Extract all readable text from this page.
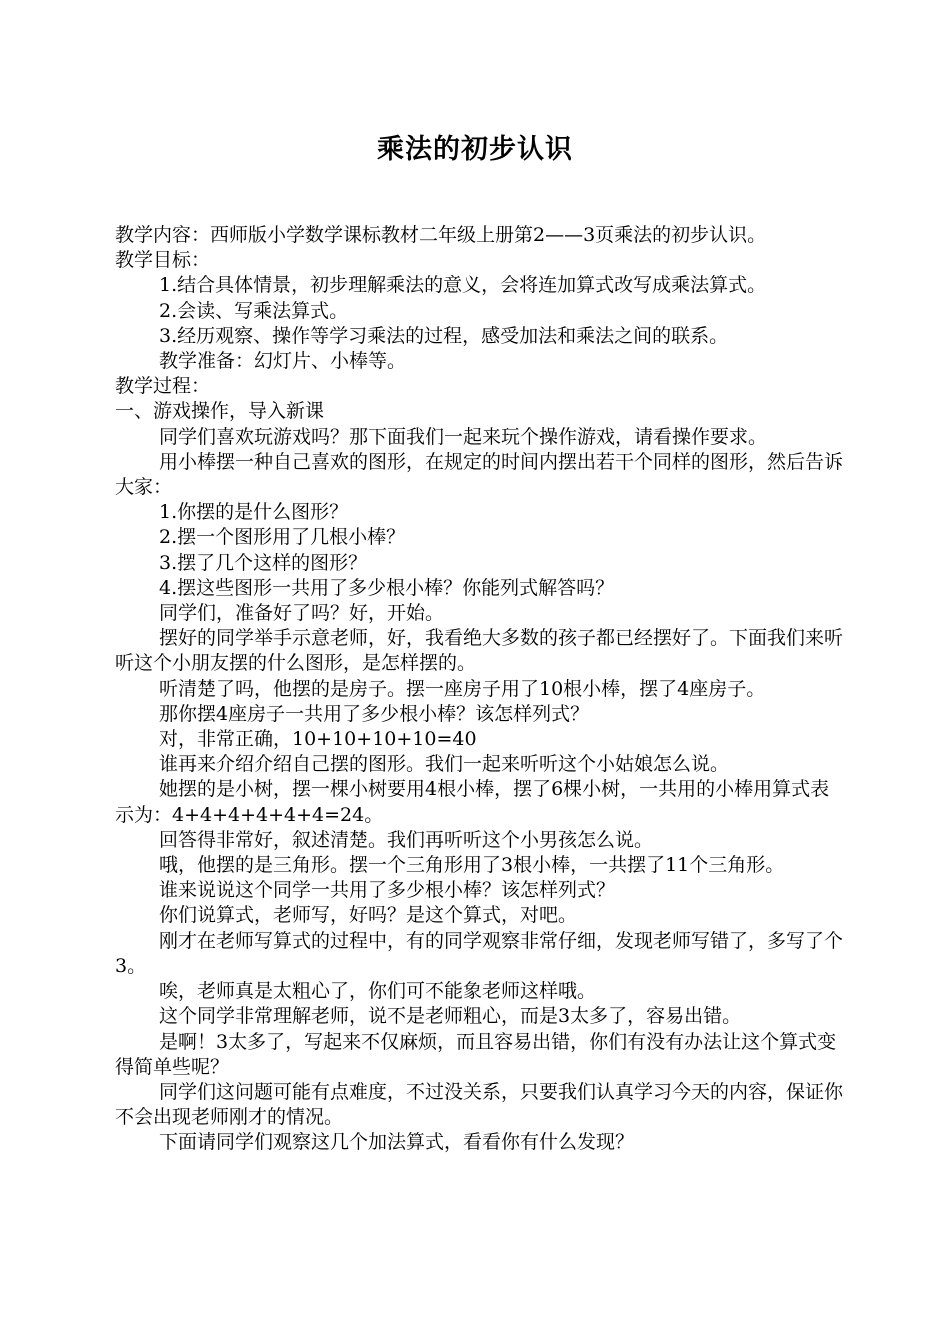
乘法的初步认识

教学内容：西师版小学数学课标教材二年级上册第2——3页乘法的初步认识。

教学目标：

1.结合具体情景，初步理解乘法的意义，会将连加算式改写成乘法算式。

2.会读、写乘法算式。

3.经历观察、操作等学习乘法的过程，感受加法和乘法之间的联系。

教学准备：幻灯片、小棒等。

教学过程：

一、游戏操作，导入新课

同学们喜欢玩游戏吗？那下面我们一起来玩个操作游戏，请看操作要求。

用小棒摆一种自己喜欢的图形，在规定的时间内摆出若干个同样的图形，然后告诉大家：

1.你摆的是什么图形？

2.摆一个图形用了几根小棒？

3.摆了几个这样的图形？

4.摆这些图形一共用了多少根小棒？你能列式解答吗？

同学们，准备好了吗？好，开始。

摆好的同学举手示意老师，好，我看绝大多数的孩子都已经摆好了。下面我们来听听这个小朋友摆的什么图形，是怎样摆的。

听清楚了吗，他摆的是房子。摆一座房子用了10根小棒，摆了4座房子。

那你摆4座房子一共用了多少根小棒？该怎样列式？

对，非常正确，10+10+10+10=40

谁再来介绍介绍自己摆的图形。我们一起来听听这个小姑娘怎么说。

她摆的是小树，摆一棵小树要用4根小棒，摆了6棵小树，一共用的小棒用算式表示为：4+4+4+4+4+4=24。

回答得非常好，叙述清楚。我们再听听这个小男孩怎么说。

哦，他摆的是三角形。摆一个三角形用了3根小棒，一共摆了11个三角形。

谁来说说这个同学一共用了多少根小棒？该怎样列式？

你们说算式，老师写，好吗？是这个算式，对吧。

刚才在老师写算式的过程中，有的同学观察非常仔细，发现老师写错了，多写了个3。

唉，老师真是太粗心了，你们可不能象老师这样哦。

这个同学非常理解老师，说不是老师粗心，而是3太多了，容易出错。

是啊！3太多了，写起来不仅麻烦，而且容易出错，你们有没有办法让这个算式变得简单些呢？

同学们这问题可能有点难度，不过没关系，只要我们认真学习今天的内容，保证你不会出现老师刚才的情况。

下面请同学们观察这几个加法算式，看看你有什么发现？
